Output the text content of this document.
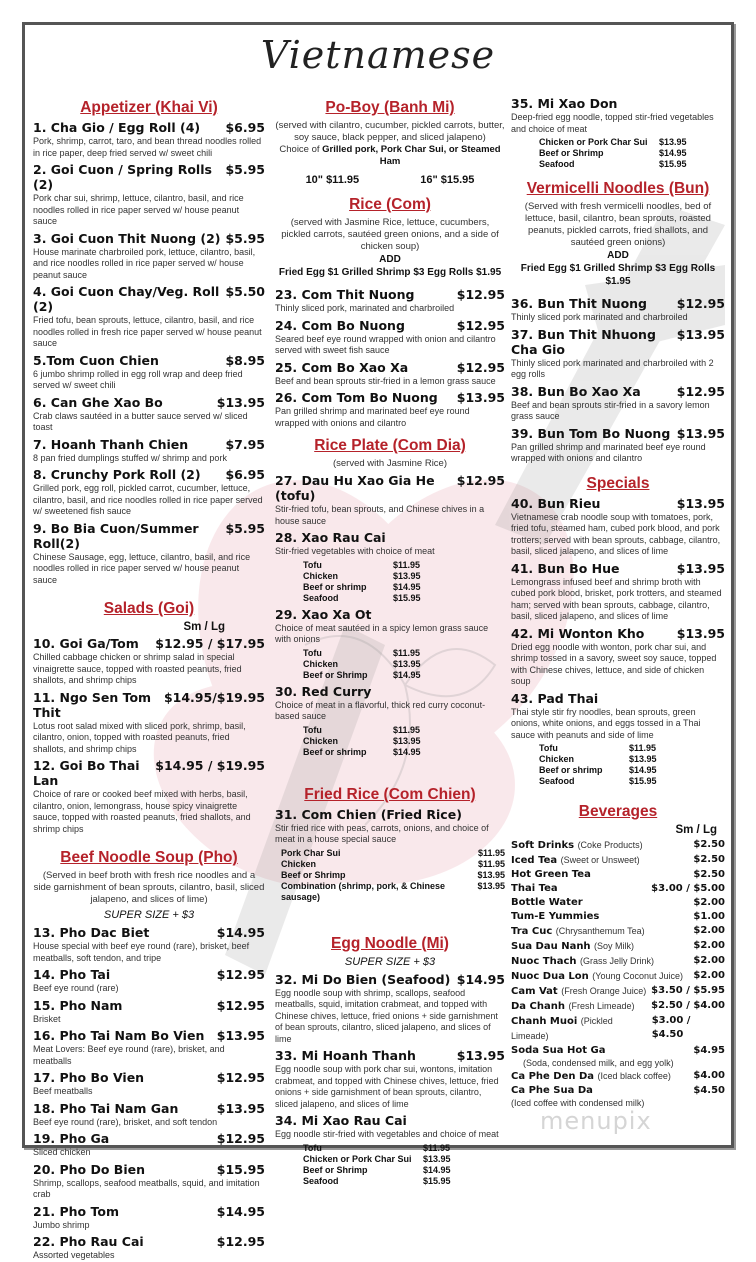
Vietnamese
Appetizer (Khai Vi)
1. Cha Gio / Egg Roll (4) $6.95
Pork, shrimp, carrot, taro, and bean thread noodles rolled in rice paper, deep fried served w/ sweet chili
2. Goi Cuon / Spring Rolls (2)
$5.95
Pork char sui, shrimp, lettuce, cilantro, basil, and rice noodles rolled in rice paper served w/ house peanut sauce
3. Goi Cuon Thit Nuong (2) $5.95
House marinate charbroiled pork, lettuce, cilantro, basil, and rice noodles rolled in rice paper served w/ house peanut sauce
4. Goi Cuon Chay/Veg. Roll (2)
$5.50
Fried tofu, bean sprouts, lettuce, cilantro, basil, and rice noodles rolled in fresh rice paper served w/ house peanut sauce
5.Tom Cuon Chien	$8.95
6 jumbo shrimp rolled in egg roll wrap and deep fried served w/ sweet chili
6. Can Ghe Xao Bo	$13.95
Crab claws sautéed in a butter sauce served w/ sliced toast
7. Hoanh Thanh Chien	$7.95
8 pan fried dumplings stuffed w/ shrimp and pork
8. Crunchy Pork Roll (2) $6.95
Grilled pork, egg roll, pickled carrot, cucumber, lettuce, cilantro, basil, and rice noodles rolled in rice paper served w/ sweetened fish sauce
9. Bo Bia Cuon/Summer Roll(2)
$5.95
Chinese Sausage, egg, lettuce, cilantro, basil, and rice noodles rolled in rice paper served w/ house peanut sauce
Salads (Goi)
Sm / Lg
10. Goi Ga/Tom $12.95 / $17.95
Chilled cabbage chicken or shrimp salad in special vinaigrette sauce, topped with roasted peanuts, fried shallots, and shrimp chips
11. Ngo Sen Tom Thit
$14.95/$19.95
Lotus root salad mixed with sliced pork, shrimp, basil, cilantro, onion, topped with roasted peanuts, fried shallots, and shrimp chips
12. Goi Bo Thai Lan
$14.95 / $19.95
Choice of rare or cooked beef mixed with herbs, basil, cilantro, onion, lemongrass, house spicy vinaigrette sauce, topped with roasted peanuts, fried shallots, and shrimp chips
Beef Noodle Soup (Pho)
(Served in beef broth with fresh rice noodles and a side garnishment of bean sprouts, cilantro, basil, sliced jalapeno, and slices of lime)
SUPER SIZE + $3
13. Pho Dac Biet	$14.95
House special with beef eye round (rare), brisket, beef meatballs, soft tendon, and tripe
14. Pho Tai	$12.95
Beef eye round (rare)
15. Pho Nam	$12.95
Brisket
16. Pho Tai Nam Bo Vien $13.95
Meat Lovers: Beef eye round (rare), brisket, and meatballs
17. Pho Bo Vien	$12.95
Beef meatballs
18. Pho Tai Nam Gan	$13.95
Beef eye round (rare), brisket, and soft tendon
19. Pho Ga	$12.95
Sliced chicken
20. Pho Do Bien	$15.95
Shrimp, scallops, seafood meatballs, squid, and imitation crab
21. Pho Tom	$14.95
Jumbo shrimp
22. Pho Rau Cai	$12.95
Assorted vegetables
Po-Boy (Banh Mi)
(served with cilantro, cucumber, pickled carrots, butter, soy sauce, black pepper, and sliced jalapeno)
Choice of Grilled pork, Pork Char Sui, or Steamed Ham
10" $11.95	16" $15.95
Rice (Com)
(served with Jasmine Rice, lettuce, cucumbers, pickled carrots, sautéed green onions, and a side of chicken soup)
ADD
Fried Egg $1 Grilled Shrimp $3 Egg Rolls $1.95
23. Com Thit Nuong	$12.95
Thinly sliced pork, marinated and charbroiled
24. Com Bo Nuong	$12.95
Seared beef eye round wrapped with onion and cilantro served with sweet fish sauce
25. Com Bo Xao Xa	$12.95
Beef and bean sprouts stir-fried in a lemon grass sauce
26. Com Tom Bo Nuong $13.95
Pan grilled shrimp and marinated beef eye round wrapped with onions and cilantro
Rice Plate (Com Dia)
(served with Jasmine Rice)
27. Dau Hu Xao Gia He (tofu)
$12.95
Stir-fried tofu, bean sprouts, and Chinese chives in a house sauce
28. Xao Rau Cai
Stir-fried vegetables with choice of meat
Tofu	$11.95
Chicken	$13.95
Beef or shrimp	$14.95
Seafood	$15.95
29. Xao Xa Ot
Choice of meat sautéed in a spicy lemon grass sauce with onions
Tofu	$11.95
Chicken	$13.95
Beef or Shrimp	$14.95
30. Red Curry
Choice of meat in a flavorful, thick red curry coconut-based sauce
Tofu	$11.95
Chicken	$13.95
Beef or shrimp	$14.95
Fried Rice (Com Chien)
31. Com Chien (Fried Rice)
Stir fried rice with peas, carrots, onions, and choice of meat in a house special sauce
Pork Char Sui	$11.95
Chicken	$11.95
Beef or Shrimp	$13.95
Combination (shrimp, pork, & Chinese sausage)
$13.95
Egg Noodle (Mi)
SUPER SIZE + $3
32. Mi Do Bien (Seafood) $14.95
Egg noodle soup with shrimp, scallops, seafood meatballs, squid, imitation crabmeat, and topped with Chinese chives, lettuce, fried onions + side garnishment of bean sprouts, cilantro, sliced jalapeno, and slices of lime
33. Mi Hoanh Thanh	$13.95
Egg noodle soup with pork char sui, wontons, imitation crabmeat, and topped with Chinese chives, lettuce, fried onions + side garnishment of bean sprouts, cilantro, sliced jalapeno, and slices of lime
34. Mi Xao Rau Cai
Egg noodle stir-fried with vegetables and choice of meat
Tofu	$11.95
Chicken or Pork Char Sui	$13.95
Beef or Shrimp	$14.95
Seafood	$15.95
35. Mi Xao Don
Deep-fried egg noodle, topped stir-fried vegetables and choice of meat
Chicken or Pork Char Sui	$13.95
Beef or Shrimp	$14.95
Seafood	$15.95
Vermicelli Noodles (Bun)
(Served with fresh vermicelli noodles, bed of lettuce, basil, cilantro, bean sprouts, roasted peanuts, pickled carrots, fried shallots, and sautéed green onions)
ADD
Fried Egg $1 Grilled Shrimp $3 Egg Rolls $1.95
36. Bun Thit Nuong $12.95
Thinly sliced pork marinated and charbroiled
37. Bun Thit Nhuong Cha Gio
$13.95
Thinly sliced pork marinated and charbroiled with 2 egg rolls
38. Bun Bo Xao Xa	$12.95
Beef and bean sprouts stir-fried in a savory lemon grass sauce
39. Bun Tom Bo Nuong $13.95
Pan grilled shrimp and marinated beef eye round wrapped with onions and cilantro
Specials
40. Bun Rieu	$13.95
Vietnamese crab noodle soup with tomatoes, pork, fried tofu, steamed ham, cubed pork blood, and pork trotters; served with bean sprouts, cabbage, cilantro, basil, sliced jalapeno, and slices of lime
41. Bun Bo Hue	$13.95
Lemongrass infused beef and shrimp broth with cubed pork blood, brisket, pork trotters, and steamed ham; served with bean sprouts, cabbage, cilantro, basil, sliced jalapeno, and slices of lime
42. Mi Wonton Kho	$13.95
Dried egg noodle with wonton, pork char sui, and shrimp tossed in a savory, sweet soy sauce, topped with Chinese chives, lettuce, and side of chicken soup
43. Pad Thai
Thai style stir fry noodles, bean sprouts, green onions, white onions, and eggs tossed in a Thai sauce with peanuts and side of lime
Tofu	$11.95
Chicken	$13.95
Beef or shrimp	$14.95
Seafood	$15.95
Beverages
Sm / Lg
Soft Drinks (Coke Products)	$2.50
Iced Tea (Sweet or Unsweet)	$2.50
Hot Green Tea	$2.50
Thai Tea	$3.00 / $5.00
Bottle Water	$2.00
Tum-E Yummies	$1.00
Tra Cuc (Chrysanthemum Tea)	$2.00
Sua Dau Nanh (Soy Milk)	$2.00
Nuoc Thach (Grass Jelly Drink)	$2.00
Nuoc Dua Lon (Young Coconut Juice) $2.00
Cam Vat (Fresh Orange Juice) $3.50 / $5.95
Da Chanh (Fresh Limeade) $2.50 / $4.00
Chanh Muoi (Pickled Limeade)
$3.00 / $4.50
Soda Sua Hot Ga	$4.95
(Soda, condensed milk, and egg yolk)
Ca Phe Den Da (Iced black coffee) $4.00
Ca Phe Sua Da	$4.50
(Iced coffee with condensed milk)
menupix
